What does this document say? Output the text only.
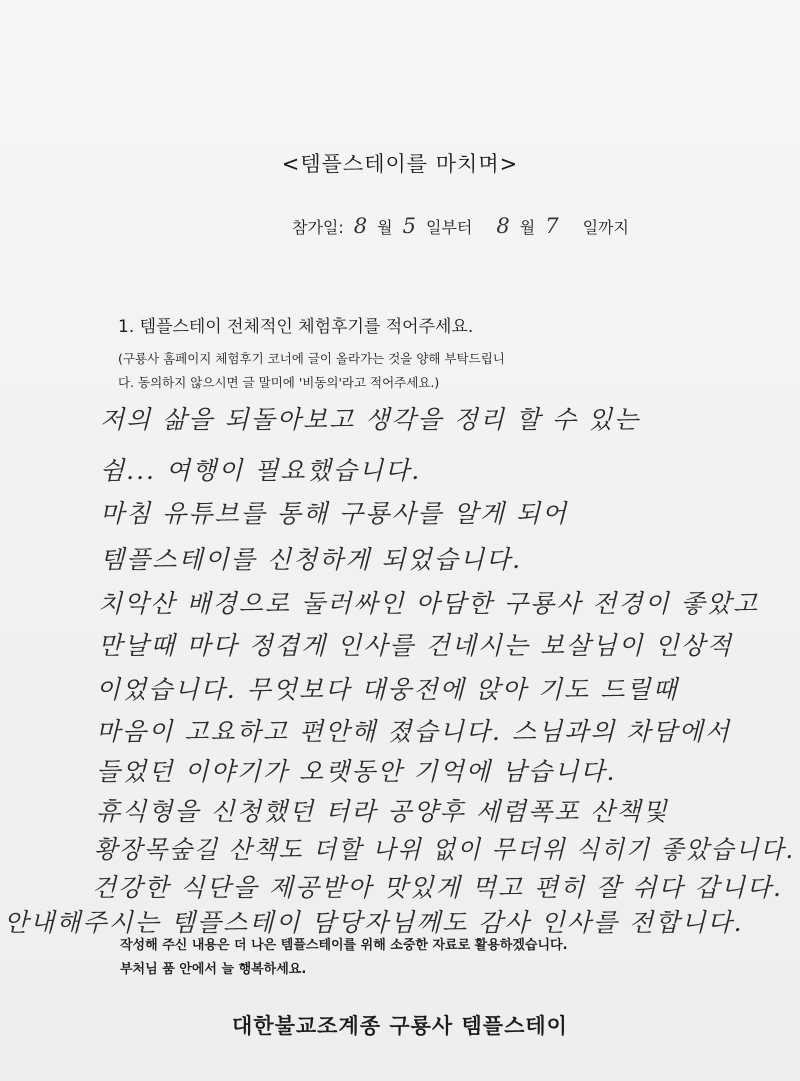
<템플스테이를 마치며>
참가일: 8 월 5 일부터 8 월 7 일까지
1. 템플스테이 전체적인 체험후기를 적어주세요.
(구룡사 홈페이지 체험후기 코너에 글이 올라가는 것을 양해 부탁드립니
다. 동의하지 않으시면 글 말미에 '비동의'라고 적어주세요.)
저의 삶을 되돌아보고 생각을 정리 할 수 있는
쉼... 여행이 필요했습니다.
마침 유튜브를 통해 구룡사를 알게 되어
템플스테이를 신청하게 되었습니다.
치악산 배경으로 둘러싸인 아담한 구룡사 전경이 좋았고
만날때 마다 정겹게 인사를 건네시는 보살님이 인상적
이었습니다. 무엇보다 대웅전에 앉아 기도 드릴때
마음이 고요하고 편안해 졌습니다. 스님과의 차담에서
들었던 이야기가 오랫동안 기억에 남습니다.
휴식형을 신청했던 터라 공양후 세렴폭포 산책및
황장목숲길 산책도 더할 나위 없이 무더위 식히기 좋았습니다.
건강한 식단을 제공받아 맛있게 먹고 편히 잘 쉬다 갑니다.
안내해주시는 템플스테이 담당자님께도 감사 인사를 전합니다.
작성해 주신 내용은 더 나은 템플스테이를 위해 소중한 자료로 활용하겠습니다.
부처님 품 안에서 늘 행복하세요.
대한불교조계종 구룡사 템플스테이
